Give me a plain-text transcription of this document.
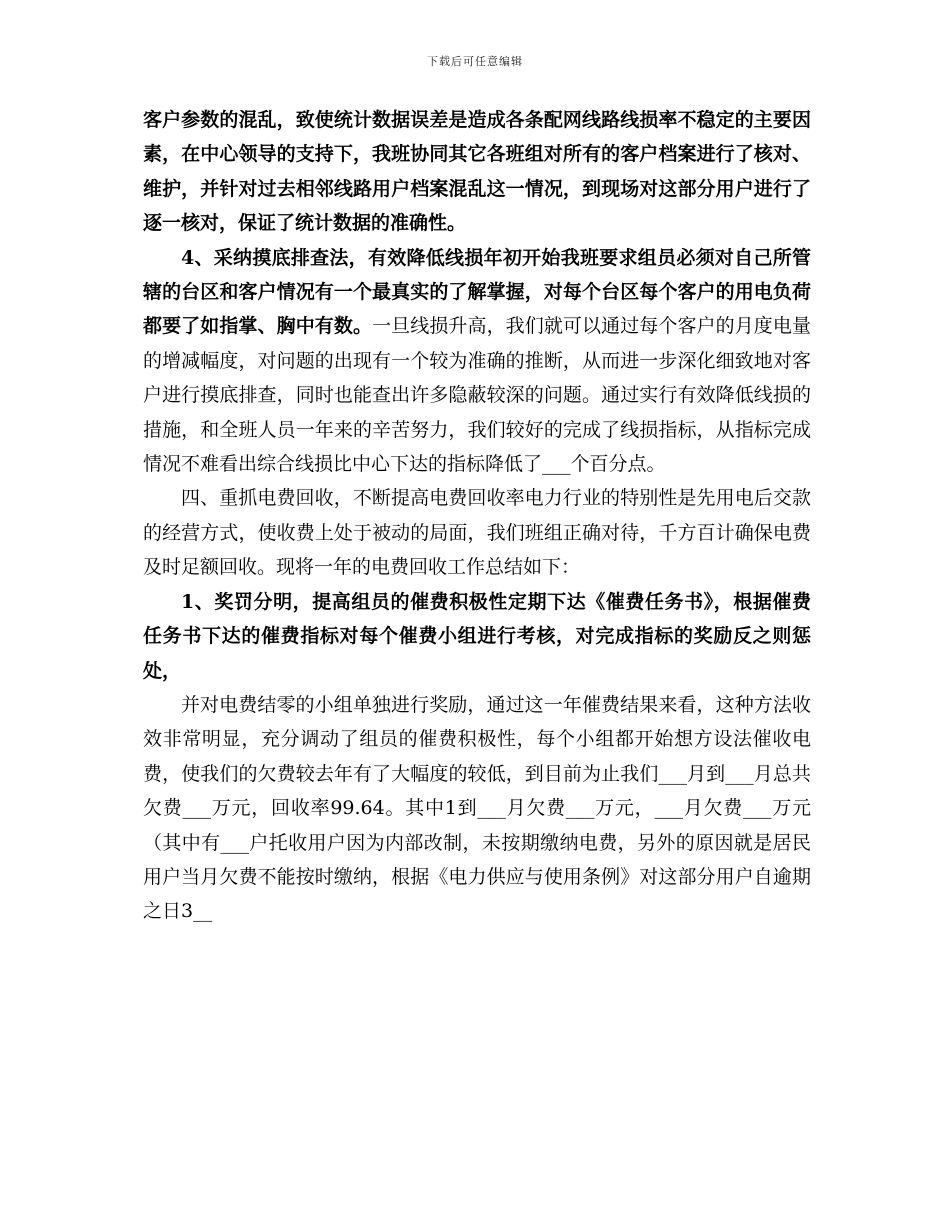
下载后可任意编辑

客户参数的混乱，致使统计数据误差是造成各条配网线路线损率不稳定的主要因素，在中心领导的支持下，我班协同其它各班组对所有的客户档案进行了核对、维护，并针对过去相邻线路用户档案混乱这一情况，到现场对这部分用户进行了逐一核对，保证了统计数据的准确性。

4、采纳摸底排查法，有效降低线损年初开始我班要求组员必须对自己所管辖的台区和客户情况有一个最真实的了解掌握，对每个台区每个客户的用电负荷都要了如指掌、胸中有数。一旦线损升高，我们就可以通过每个客户的月度电量的增减幅度，对问题的出现有一个较为准确的推断，从而进一步深化细致地对客户进行摸底排查，同时也能查出许多隐蔽较深的问题。通过实行有效降低线损的措施，和全班人员一年来的辛苦努力，我们较好的完成了线损指标，从指标完成情况不难看出综合线损比中心下达的指标降低了___个百分点。

四、重抓电费回收，不断提高电费回收率电力行业的特别性是先用电后交款的经营方式，使收费上处于被动的局面，我们班组正确对待，千方百计确保电费及时足额回收。现将一年的电费回收工作总结如下：

1、奖罚分明，提高组员的催费积极性定期下达《催费任务书》，根据催费任务书下达的催费指标对每个催费小组进行考核，对完成指标的奖励反之则惩处，

并对电费结零的小组单独进行奖励，通过这一年催费结果来看，这种方法收效非常明显，充分调动了组员的催费积极性，每个小组都开始想方设法催收电费，使我们的欠费较去年有了大幅度的较低，到目前为止我们___月到___月总共欠费___万元，回收率99.64。其中1到___月欠费___万元，___月欠费___万元（其中有___户托收用户因为内部改制，未按期缴纳电费，另外的原因就是居民用户当月欠费不能按时缴纳，根据《电力供应与使用条例》对这部分用户自逾期之日3__
